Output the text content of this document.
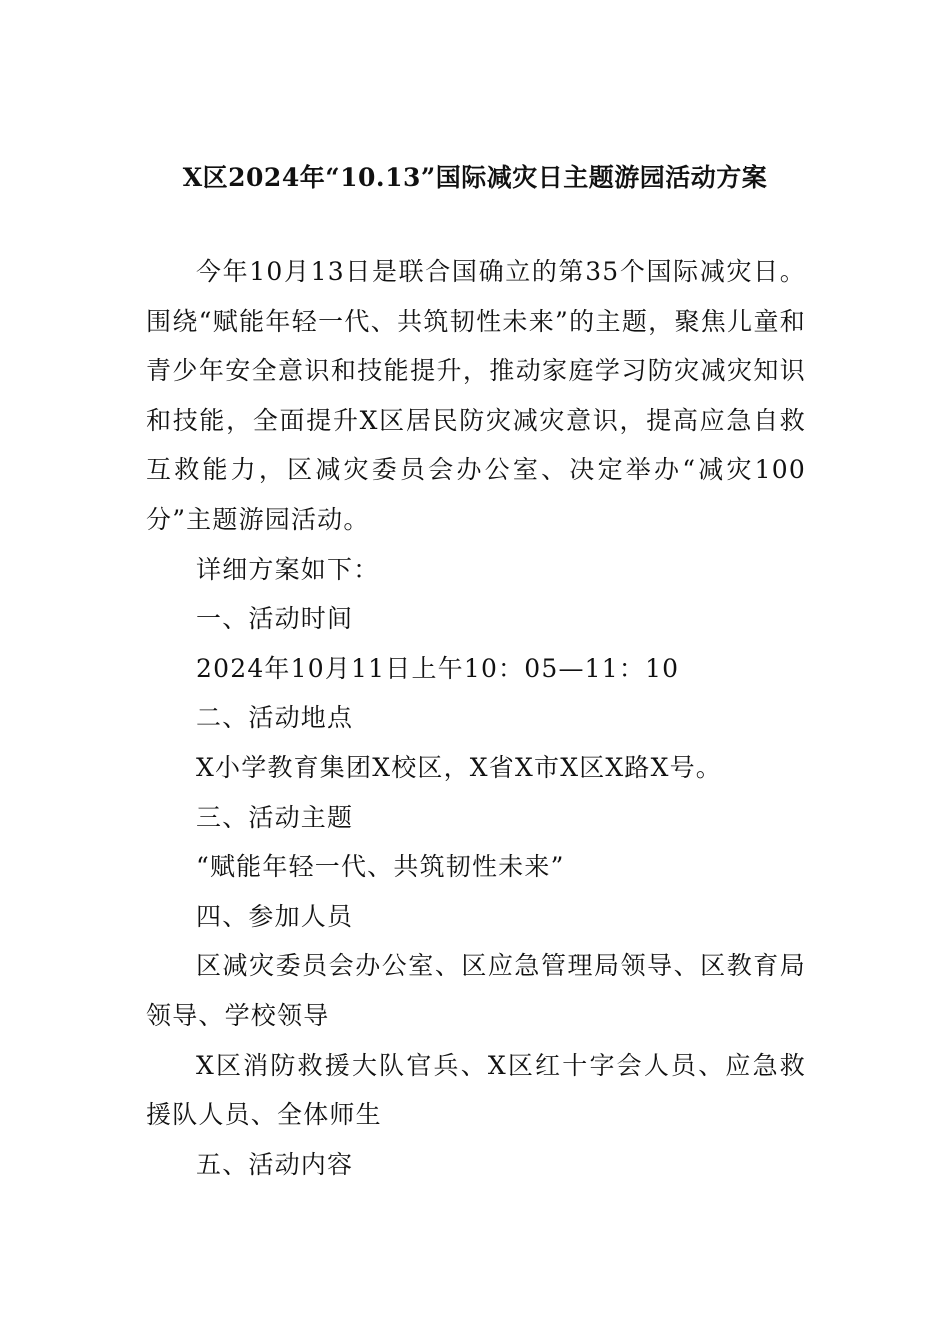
X区2024年“10.13”国际减灾日主题游园活动方案

今年10月13日是联合国确立的第35个国际减灾日。围绕“赋能年轻一代、共筑韧性未来”的主题，聚焦儿童和青少年安全意识和技能提升，推动家庭学习防灾减灾知识和技能，全面提升X区居民防灾减灾意识，提高应急自救互救能力，区减灾委员会办公室、决定举办“减灾100分”主题游园活动。

详细方案如下：

一、活动时间

2024年10月11日上午10：05—11：10

二、活动地点

X小学教育集团X校区，X省X市X区X路X号。

三、活动主题

“赋能年轻一代、共筑韧性未来”

四、参加人员

区减灾委员会办公室、区应急管理局领导、区教育局领导、学校领导

X区消防救援大队官兵、X区红十字会人员、应急救援队人员、全体师生

五、活动内容
